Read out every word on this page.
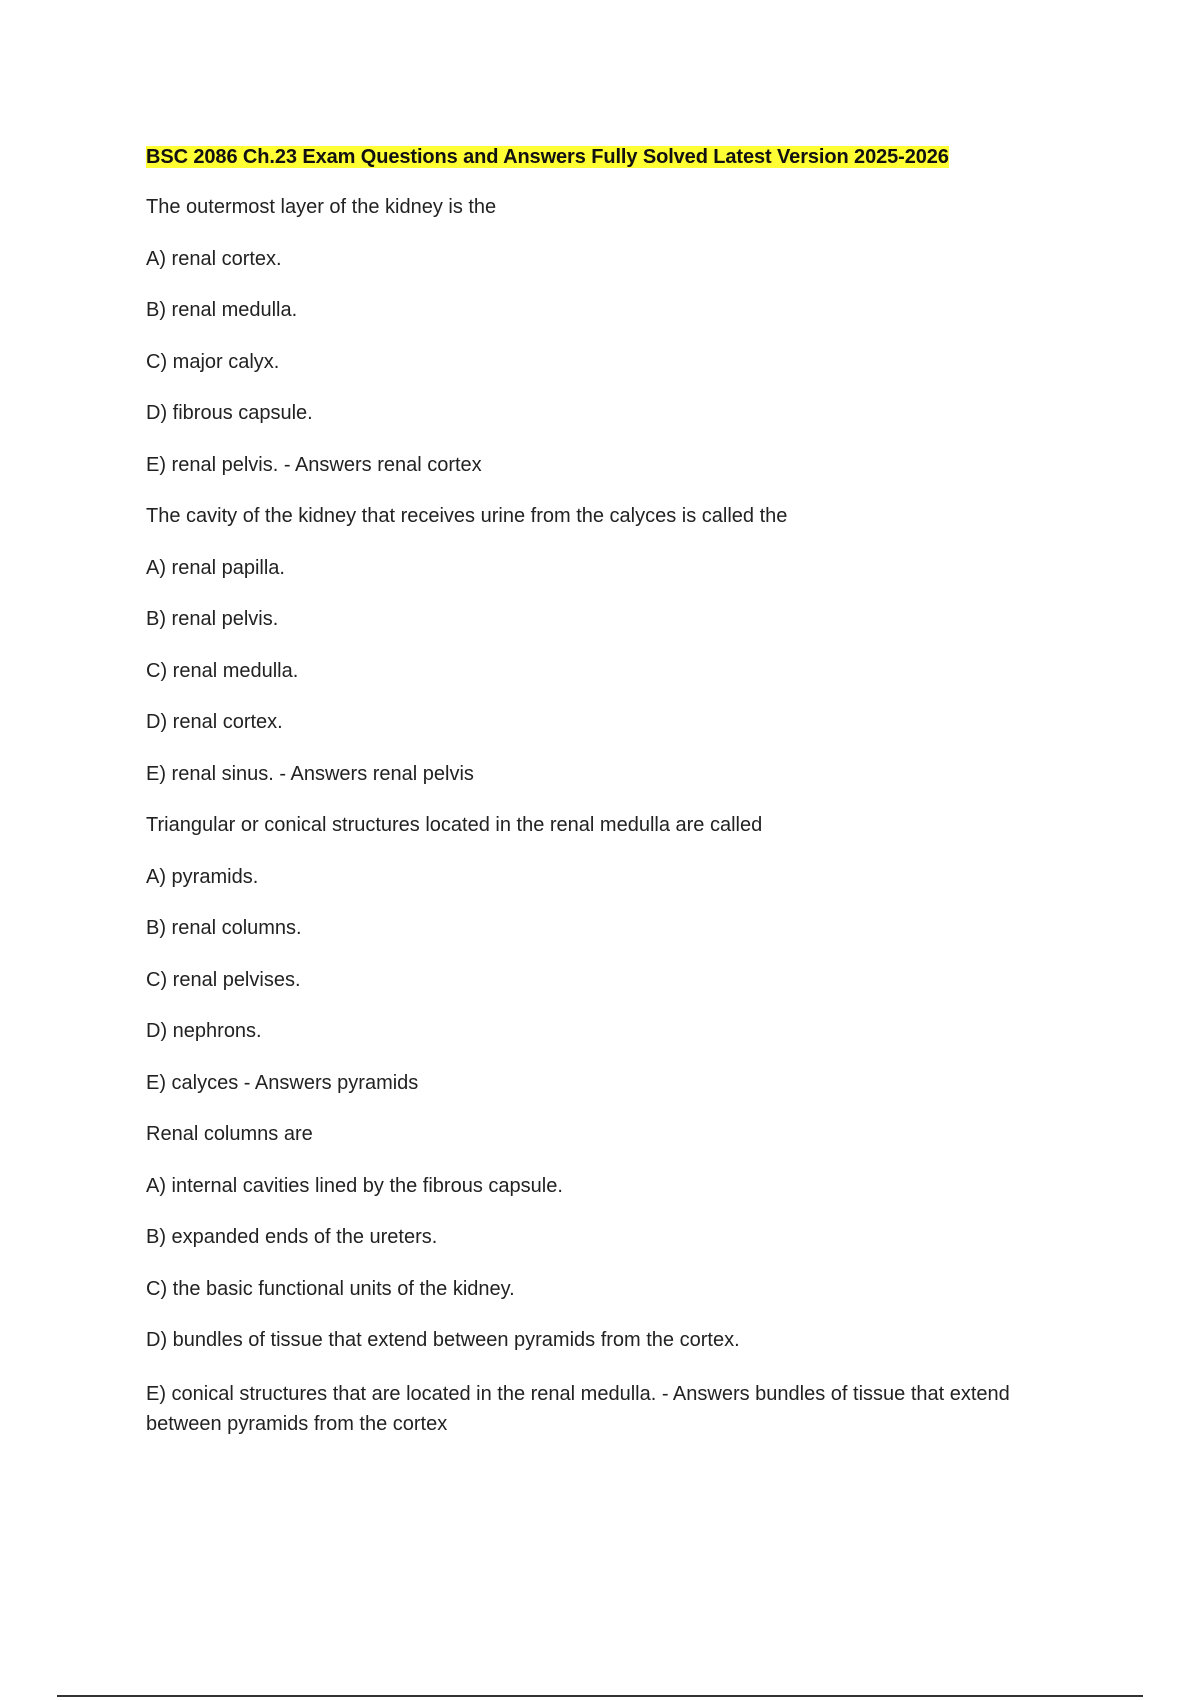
BSC 2086 Ch.23 Exam Questions and Answers Fully Solved Latest Version 2025-2026
The outermost layer of the kidney is the
A) renal cortex.
B) renal medulla.
C) major calyx.
D) fibrous capsule.
E) renal pelvis. - Answers renal cortex
The cavity of the kidney that receives urine from the calyces is called the
A) renal papilla.
B) renal pelvis.
C) renal medulla.
D) renal cortex.
E) renal sinus. - Answers renal pelvis
Triangular or conical structures located in the renal medulla are called
A) pyramids.
B) renal columns.
C) renal pelvises.
D) nephrons.
E) calyces - Answers pyramids
Renal columns are
A) internal cavities lined by the fibrous capsule.
B) expanded ends of the ureters.
C) the basic functional units of the kidney.
D) bundles of tissue that extend between pyramids from the cortex.
E) conical structures that are located in the renal medulla. - Answers bundles of tissue that extend between pyramids from the cortex
